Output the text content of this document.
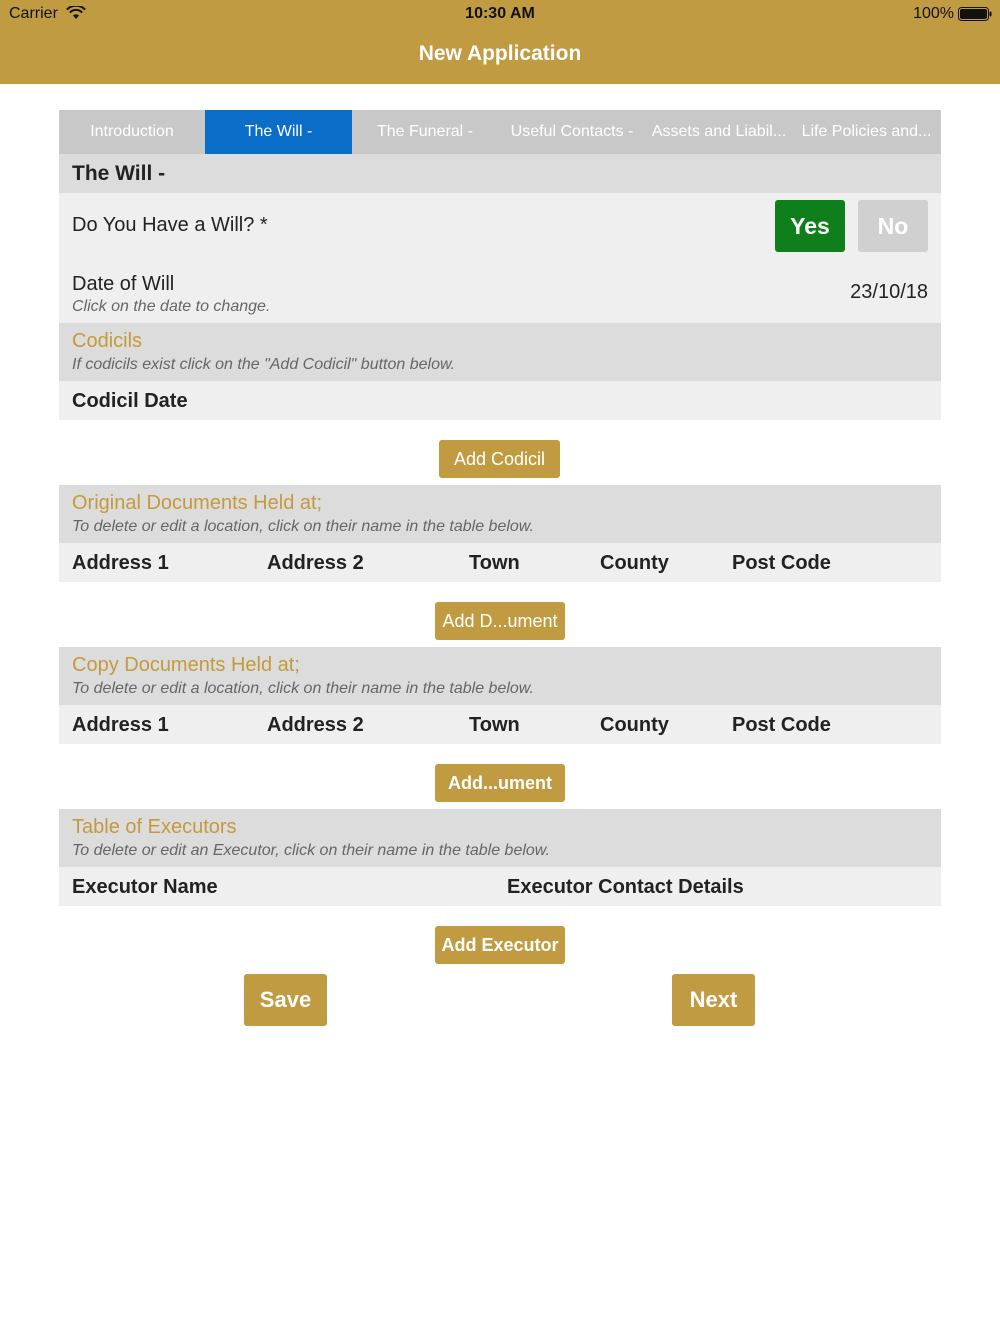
Carrier	10:30 AM	100%
New Application
Introduction	The Will -	The Funeral -	Useful Contacts -	Assets and Liabil... Life Policies and...
The Will -
Do You Have a Will? *	Yes	No
Date of Will
Click on the date to change.
23/10/18
Codicils
If codicils exist click on the "Add Codicil" button below.
Codicil Date
Add Codicil
Original Documents Held at;
To delete or edit a location, click on their name in the table below.
Address 1	Address 2	Town	County	Post Code
Add D...ument
Copy Documents Held at;
To delete or edit a location, click on their name in the table below.
Address 1	Address 2	Town	County	Post Code
Add...ument
Table of Executors
To delete or edit an Executor, click on their name in the table below.
Executor Name	Executor Contact Details
Add Executor
Save	Next
